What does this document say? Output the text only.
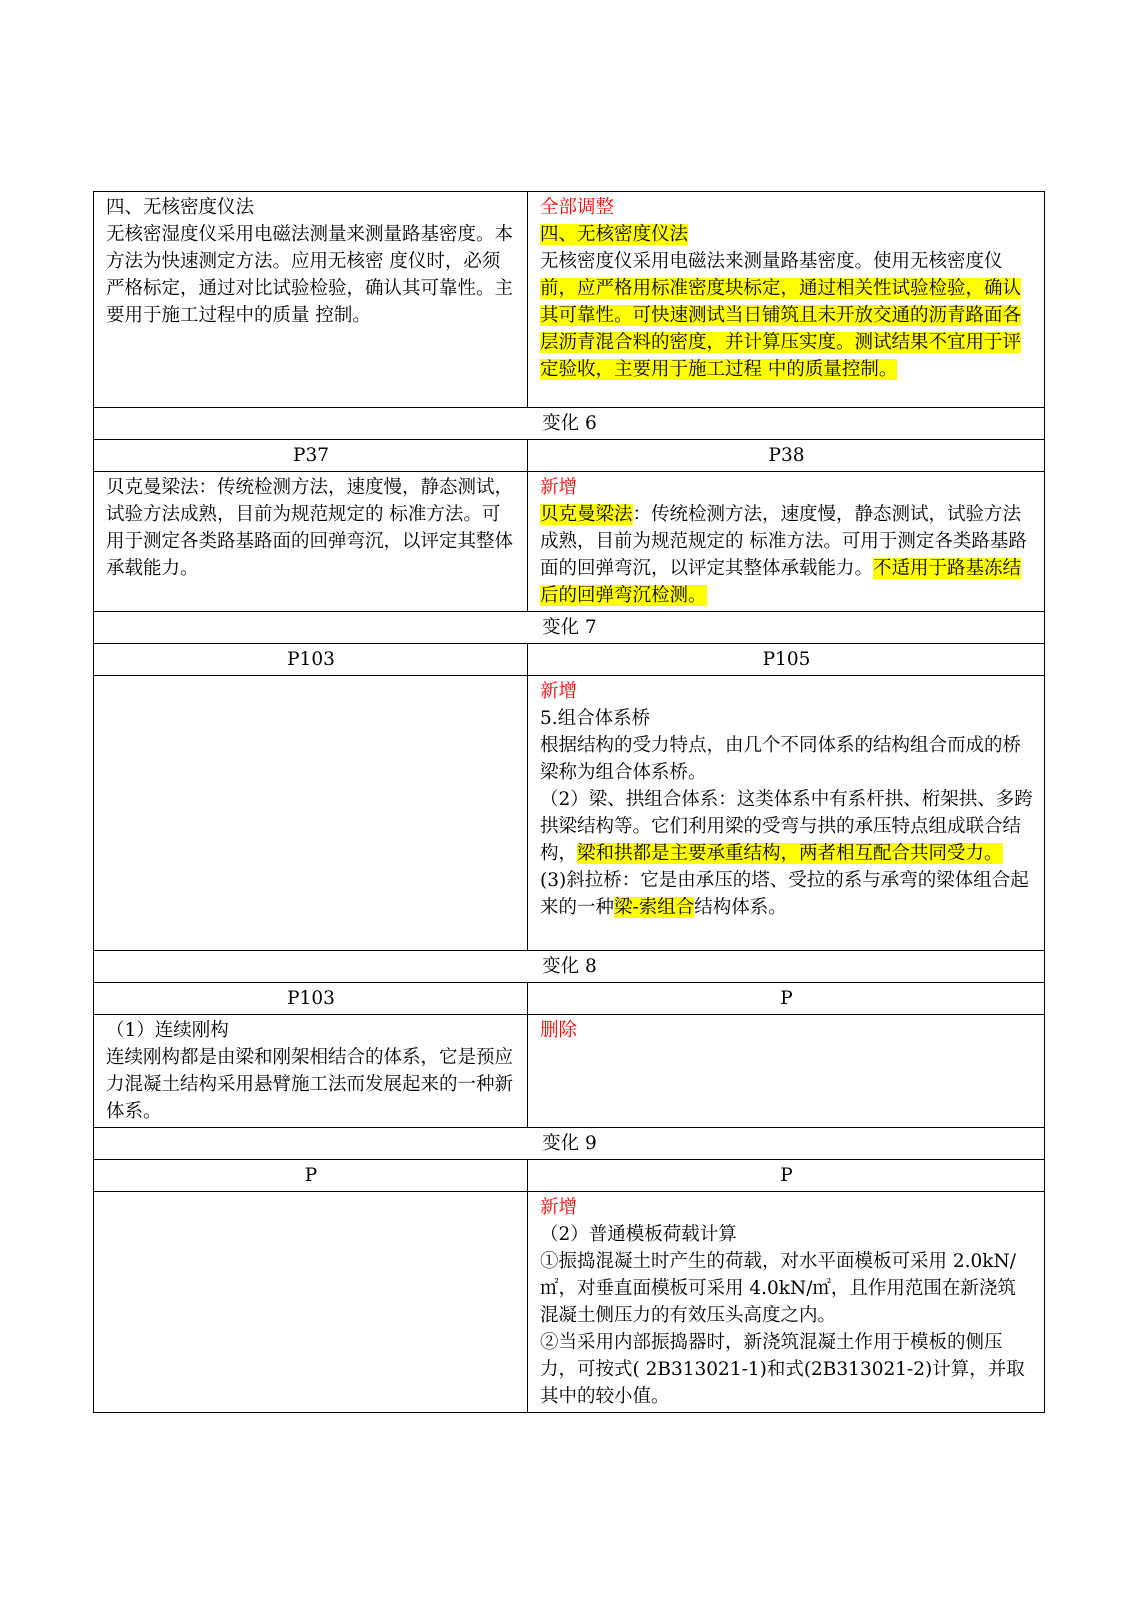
四、无核密度仪法
无核密湿度仪采用电磁法测量来测量路基密度。本方法为快速测定方法。应用无核密 度仪时，必须严格标定，通过对比试验检验，确认其可靠性。主要用于施工过程中的质量 控制。	全部调整
四、无核密度仪法
无核密度仪采用电磁法来测量路基密度。使用无核密度仪前，应严格用标准密度块标定，通过相关性试验检验，确认其可靠性。可快速测试当日铺筑且未开放交通的沥青路面各层沥青混合料的密度，并计算压实度。测试结果不宜用于评定验收，主要用于施工过程 中的质量控制。
变化 6	
P37	P38
贝克曼梁法：传统检测方法，速度慢，静态测试，试验方法成熟，目前为规范规定的 标准方法。可用于测定各类路基路面的回弹弯沉，以评定其整体承载能力。	新增
贝克曼梁法：传统检测方法，速度慢，静态测试，试验方法成熟，目前为规范规定的 标准方法。可用于测定各类路基路面的回弹弯沉，以评定其整体承载能力。不适用于路基冻结后的回弹弯沉检测。
变化 7	
P103	P105

	新增
5.组合体系桥
根据结构的受力特点，由几个不同体系的结构组合而成的桥梁称为组合体系桥。
（2）梁、拱组合体系：这类体系中有系杆拱、桁架拱、多跨拱梁结构等。它们利用梁的受弯与拱的承压特点组成联合结构，梁和拱都是主要承重结构，两者相互配合共同受力。
(3)斜拉桥：它是由承压的塔、受拉的系与承弯的梁体组合起来的一种梁-索组合结构体系。

变化 8	
P103	P

（1）连续刚构
连续刚构都是由梁和刚架相结合的体系，它是预应力混凝土结构采用悬臂施工法而发展起来的一种新体系。	删除

变化 9	
P	P

	新增
（2）普通模板荷载计算
①振捣混凝土时产生的荷载，对水平面模板可采用 2.0kN/㎡，对垂直面模板可采用 4.0kN/㎡，且作用范围在新浇筑混凝土侧压力的有效压头高度之内。
②当采用内部振捣器时，新浇筑混凝土作用于模板的侧压力，可按式( 2B313021-1)和式(2B313021-2)计算，并取其中的较小值。
